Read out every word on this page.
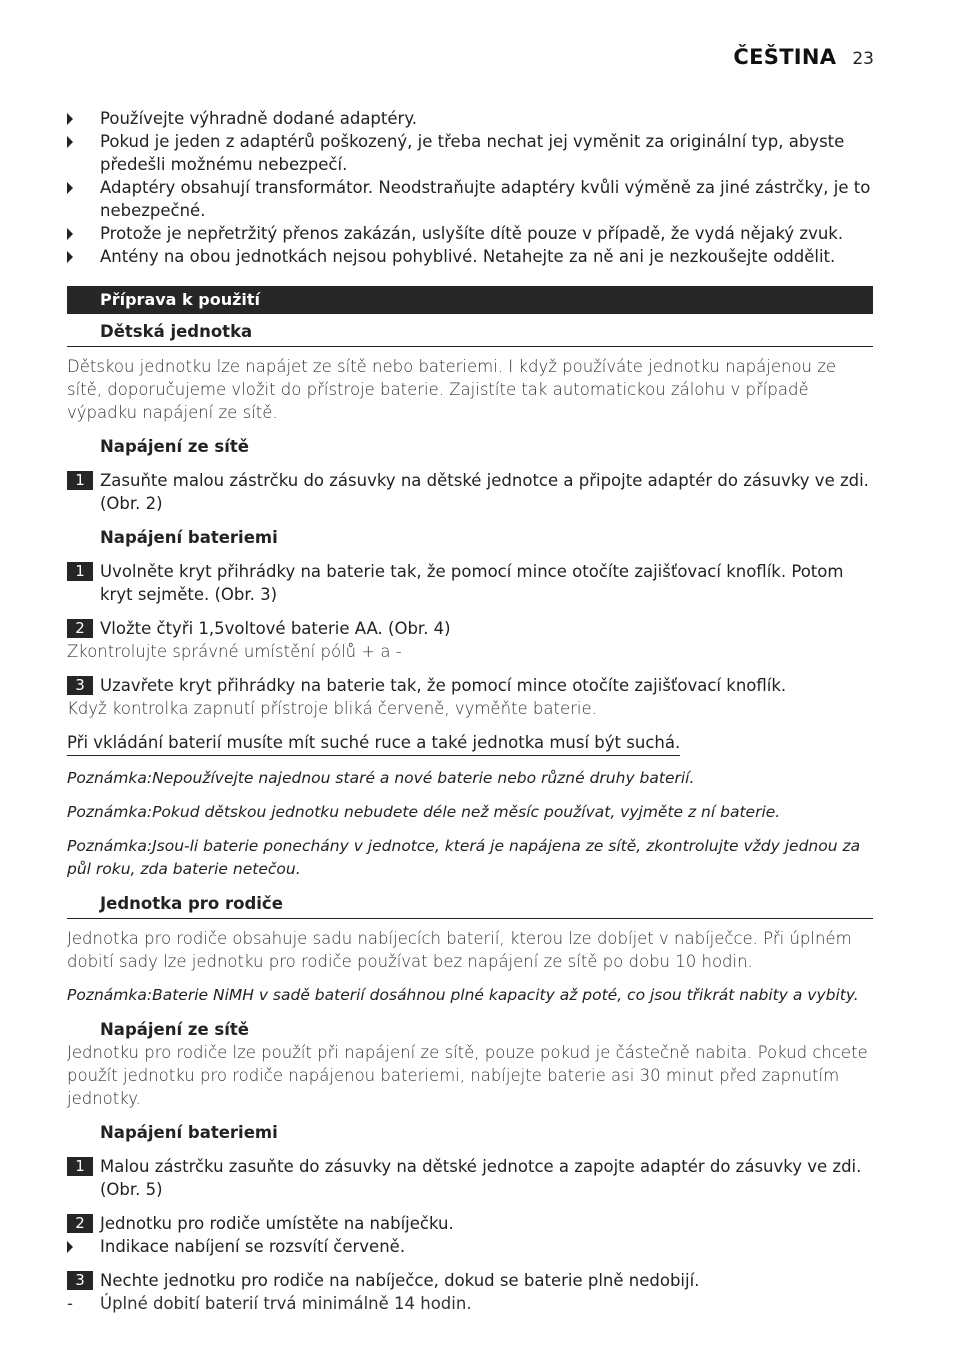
ČEŠTINA 23
Používejte výhradně dodané adaptéry.
Pokud je jeden z adaptérů poškozený, je třeba nechat jej vyměnit za originální typ, abyste předešli možnému nebezpečí.
Adaptéry obsahují transformátor. Neodstraňujte adaptéry kvůli výměně za jiné zástrčky, je to nebezpečné.
Protože je nepřetržitý přenos zakázán, uslyšíte dítě pouze v případě, že vydá nějaký zvuk.
Antény na obou jednotkách nejsou pohyblivé. Netahejte za ně ani je nezkoušejte oddělit.
Příprava k použití
Dětská jednotka
Dětskou jednotku lze napájet ze sítě nebo bateriemi. I když používáte jednotku napájenou ze sítě, doporučujeme vložit do přístroje baterie. Zajistíte tak automatickou zálohu v případě výpadku napájení ze sítě.
Napájení ze sítě
1 Zasuňte malou zástrčku do zásuvky na dětské jednotce a připojte adaptér do zásuvky ve zdi. (Obr. 2)
Napájení bateriemi
1 Uvolněte kryt přihrádky na baterie tak, že pomocí mince otočíte zajišťovací knoflík. Potom kryt sejměte. (Obr. 3)
2 Vložte čtyři 1,5voltové baterie AA. (Obr. 4)
Zkontrolujte správné umístění pólů + a -
3 Uzavřete kryt přihrádky na baterie tak, že pomocí mince otočíte zajišťovací knoflík.
Když kontrolka zapnutí přístroje bliká červeně, vyměňte baterie.
Při vkládání baterií musíte mít suché ruce a také jednotka musí být suchá.
Poznámka:Nepoužívejte najednou staré a nové baterie nebo různé druhy baterií.
Poznámka:Pokud dětskou jednotku nebudete déle než měsíc používat, vyjměte z ní baterie.
Poznámka:Jsou-li baterie ponechány v jednotce, která je napájena ze sítě, zkontrolujte vždy jednou za půl roku, zda baterie netečou.
Jednotka pro rodiče
Jednotka pro rodiče obsahuje sadu nabíjecích baterií, kterou lze dobíjet v nabíječce. Při úplném dobití sady lze jednotku pro rodiče používat bez napájení ze sítě po dobu 10 hodin.
Poznámka:Baterie NiMH v sadě baterií dosáhnou plné kapacity až poté, co jsou třikrát nabity a vybity.
Napájení ze sítě
Jednotku pro rodiče lze použít při napájení ze sítě, pouze pokud je částečně nabita. Pokud chcete použít jednotku pro rodiče napájenou bateriemi, nabíjejte baterie asi 30 minut před zapnutím jednotky.
Napájení bateriemi
1 Malou zástrčku zasuňte do zásuvky na dětské jednotce a zapojte adaptér do zásuvky ve zdi. (Obr. 5)
2 Jednotku pro rodiče umístěte na nabíječku.
Indikace nabíjení se rozsvítí červeně.
3 Nechte jednotku pro rodiče na nabíječce, dokud se baterie plně nedobijí.
- Úplné dobití baterií trvá minimálně 14 hodin.
